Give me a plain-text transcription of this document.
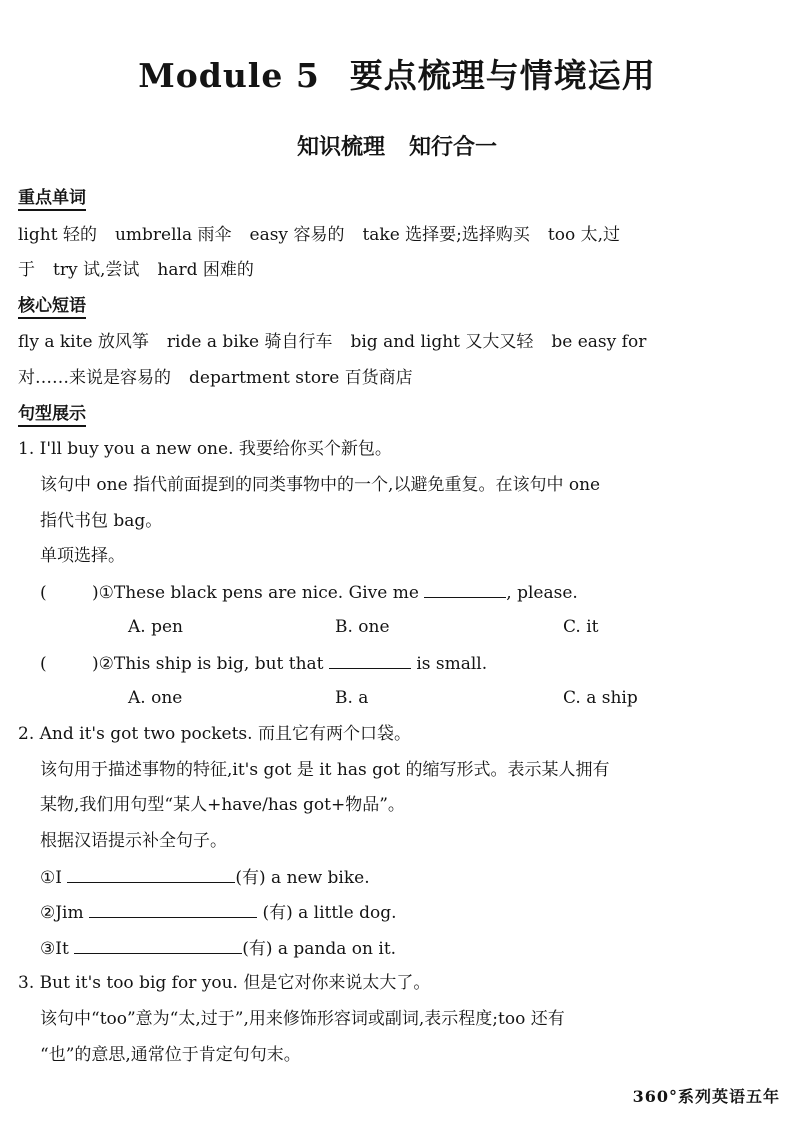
Module 5 要点梳理与情境运用
知识梳理 知行合一
重点单词
light 轻的 umbrella 雨伞 easy 容易的 take 选择要;选择购买 too 太,过
于 try 试,尝试 hard 困难的
核心短语
fly a kite 放风筝 ride a bike 骑自行车 big and light 又大又轻 be easy for
对……来说是容易的 department store 百货商店
句型展示
1. I'll buy you a new one. 我要给你买个新包。
该句中 one 指代前面提到的同类事物中的一个,以避免重复。在该句中 one
指代书包 bag。
单项选择。
(	)①These black pens are nice. Give me	, please.
A. pen	B. one	C. it
(	)②This ship is big, but that	is small.
A. one	B. a	C. a ship
2. And it's got two pockets. 而且它有两个口袋。
该句用于描述事物的特征,it's got 是 it has got 的缩写形式。表示某人拥有
某物,我们用句型“某人+have/has got+物品”。
根据汉语提示补全句子。
①I	(有) a new bike.
②Jim	(有) a little dog.
③It	(有) a panda on it.
3. But it's too big for you. 但是它对你来说太大了。
该句中“too”意为“太,过于”,用来修饰形容词或副词,表示程度;too 还有
“也”的意思,通常位于肯定句句末。
360°系列英语五年
